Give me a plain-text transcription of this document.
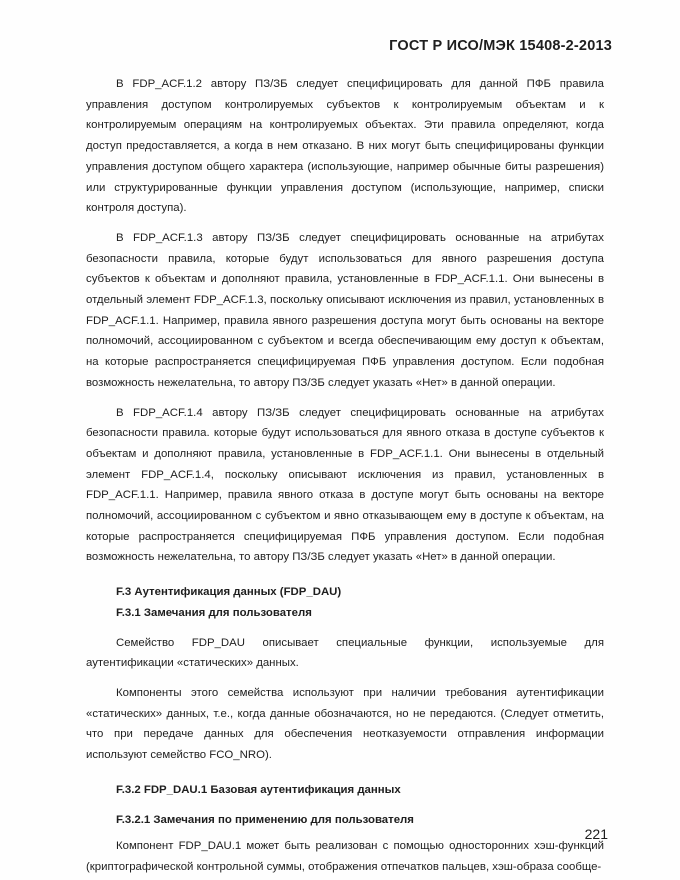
ГОСТ Р ИСО/МЭК 15408-2-2013

В FDP_ACF.1.2 автору ПЗ/ЗБ следует специфицировать для данной ПФБ правила управления доступом контролируемых субъектов к контролируемым объектам и к контролируемым операциям на контролируемых объектах. Эти правила определяют, когда доступ предоставляется, а когда в нем отказано. В них могут быть специфицированы функции управления доступом общего характера (использующие, например обычные биты разрешения) или структурированные функции управления доступом (использующие, например, списки контроля доступа).

В FDP_ACF.1.3 автору ПЗ/ЗБ следует специфицировать основанные на атрибутах безопасности правила, которые будут использоваться для явного разрешения доступа субъектов к объектам и дополняют правила, установленные в FDP_ACF.1.1. Они вынесены в отдельный элемент FDP_ACF.1.3, поскольку описывают исключения из правил, установленных в FDP_ACF.1.1. Например, правила явного разрешения доступа могут быть основаны на векторе полномочий, ассоциированном с субъектом и всегда обеспечивающим ему доступ к объектам, на которые распространяется специфицируемая ПФБ управления доступом. Если подобная возможность нежелательна, то автору ПЗ/ЗБ следует указать «Нет» в данной операции.

В FDP_ACF.1.4 автору ПЗ/ЗБ следует специфицировать основанные на атрибутах безопасности правила. которые будут использоваться для явного отказа в доступе субъектов к объектам и дополняют правила, установленные в FDP_ACF.1.1. Они вынесены в отдельный элемент FDP_ACF.1.4, поскольку описывают исключения из правил, установленных в FDP_ACF.1.1. Например, правила явного отказа в доступе могут быть основаны на векторе полномочий, ассоциированном с субъектом и явно отказывающем ему в доступе к объектам, на которые распространяется специфицируемая ПФБ управления доступом. Если подобная возможность нежелательна, то автору ПЗ/ЗБ следует указать «Нет» в данной операции.

F.3 Аутентификация данных (FDP_DAU)

F.3.1 Замечания для пользователя

Семейство FDP_DAU описывает специальные функции, используемые для аутентификации «статических» данных.

Компоненты этого семейства используют при наличии требования аутентификации «статических» данных, т.е., когда данные обозначаются, но не передаются. (Следует отметить, что при передаче данных для обеспечения неотказуемости отправления информации используют семейство FCO_NRO).

F.3.2 FDP_DAU.1 Базовая аутентификация данных

F.3.2.1 Замечания по применению для пользователя

Компонент FDP_DAU.1 может быть реализован с помощью односторонних хэш-функций (криптографической контрольной суммы, отображения отпечатков пальцев, хэш-образа сообще-

221
